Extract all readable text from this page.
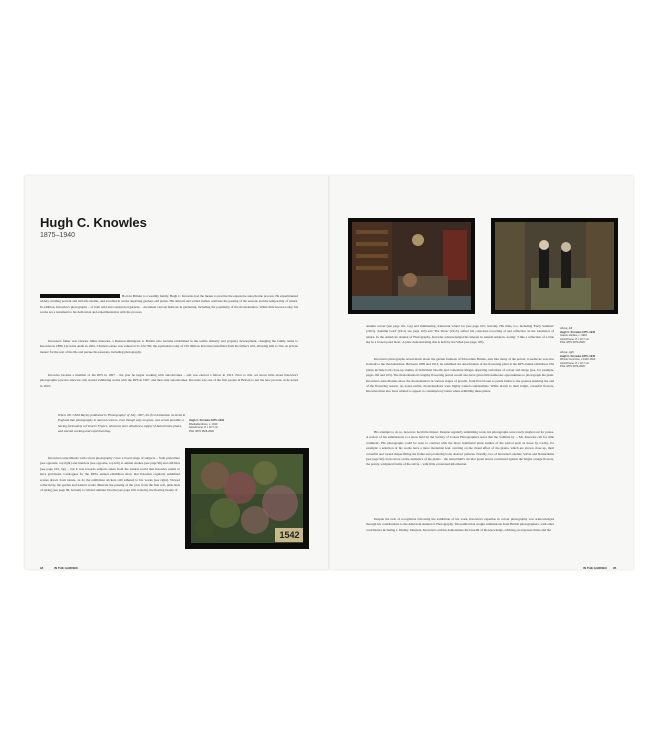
Hugh C. Knowles
1875–1940
Born in Britain to a wealthy family, Hugh C. Knowles had the means to practise the expensive autochrome process. He experimented widely, trialling portrait and still-life studies, and excelled in works depicting gardens and plants. His delicate and varied studies celebrate the passing of the seasons and the temporality of nature. In addition, Knowles's photographs – of both wild and constructed gardens – document various fashions in gardening, including the popularity of the rhododendron. While little known today, his works are a testament to his dedication and experimentation with the process.
Knowles's father was Charles Julius Knowles, a Russian immigrant to Britain who became established in the textile industry and property development, changing the family name to Knowles in 1889. Upon his death in 1902, Charles's estate was valued at £1,122,760, the equivalent today of £10 million. Knowles benefitted from his father's will, allowing him to 'live on private means' for the rest of his life and pursue his passions, including photography.
Knowles became a member of the RPS in 1907 – the year he began working with autochromes – and was elected a fellow in 1913. Prior to this, we know little about Knowles's photographic practice since he only started exhibiting works with the RPS in 1907, and then only autochromes. Knowles was one of the first people in Britain to use the new process, as he noted in 1910:
When, Mr. Child Bayley published in 'Photography' of July, 1907, the first intimation received in England that photography in natural colours, even though only on glass, was at last possible, I, having fortunately a friend in France, almost at once obtained a supply of Autochrome plates, and started working and experimenting.
Knowles's experiments with colour photography cover a broad range of subjects – from portraiture (see opposite, top right) and interiors (see opposite, top left) to animal studies (see page 96) and still lifes (see page 103, top) – but it was towards subjects taken from the natural world that Knowles seems to have gravitated. Catalogues for the RPS's annual exhibition show that Knowles regularly submitted scenes drawn from nature, as do the exhibition stickers still adhered to his works (see right). Viewed collectively, his garden and natural works illustrate the passing of the year, from the first soft, pink buds of spring (see page 96, bottom) to vibrant summer blooms (see page 100, bottom), the fleeting beauty of
Hugh C. Knowles 1875–1940
Rhododendrons, c. 1910
Autochrome, 8 × 10.7 cm
Pilot, RPS 3526-2020
1542
94	IN THE GARDEN
Above, left
Hugh C. Knowles 1875–1940
Interior studies, c. 1910
Autochrome, 8 × 10.7 cm
Pilot, RPS 3073-2020
Above, right
Hugh C. Knowles 1875–1940
Winnie Cummins, c.1910 1913
Autochrome, 8 × 10.7 cm
Pilot, RPS 3074-2020
autumn colour (see page 101, top) and shimmering, iridescent winter ice (see page 105, bottom). His titles, too, including 'Early Summer' (1923), 'Autumn Gold' (1914; see page 103) and 'The Thaw' (1913), reflect his conscious recording of and reflection on the transience of nature. In the American Annual of Photography, Knowles acknowledged his interest in natural subjects, noting: 'I like a reflection of a blue sky in a frozen pond most.' A plate demonstrating this is held by the V&A (see page 105).
Knowles's photographs reveal much about the garden fashions of Edwardian Britain, and, like many of the period, it seems he was also in thrall to the rhododendron. Between 1909 and 1913, he exhibited six autochromes of the flowering plant at the RPS annual exhibition. His plates include both close-up studies of individual blooms and contextual images depicting variations of colour and shape (see, for example, pages 102 and 103). The rhododendron's lengthy flowering period would also have given him numerous opportunities to photograph the plant. Knowles's autochromes show the rhododendron in various stages of growth, from first bloom to petals fallen to the ground, marking the end of the flowering season. As noted earlier, rhododendrons were highly valued commodities. While drawn to their bright, colourful flowers, Knowles must also have wished to appeal to contemporary tastes when exhibiting these plates.
His attempts to do so, however, had little impact. Despite regularly submitting work, his photographs were rarely singled out for praise. A review of his submissions to a show held by the Society of Colour Photographers notes that the 'exhibits by ... Mr. Knowles call for little comment'. His photographs could be seen to contrast with the more traditional plant studies of the period such as those by Cadby, for example: a selection of his works have a more modernist feel, centring on the visual effect of the plants, which are shown close up, their colourful and varied shapes filling the frame and producing bold, abstract patterns. Notably, two of Knowles's studies, Salvia and Nasturtiums (see page 99), focus more on the aesthetics of the plants – the nasturtium's circular green leaves contrasted against the bright, orange flowers, the pointy, sculptural forms of the salvia – with little contextual information.
Despite the lack of recognition following the exhibition of his work, Knowles's expertise in colour photography was acknowledged through his contributions to the American Annual of Photography. The publication sought submissions from British photographers, with other contributors including J. Dudley Johnston. Knowles's articles demonstrate the breadth of his knowledge, advising on exposure times and the
IN THE GARDEN 95
